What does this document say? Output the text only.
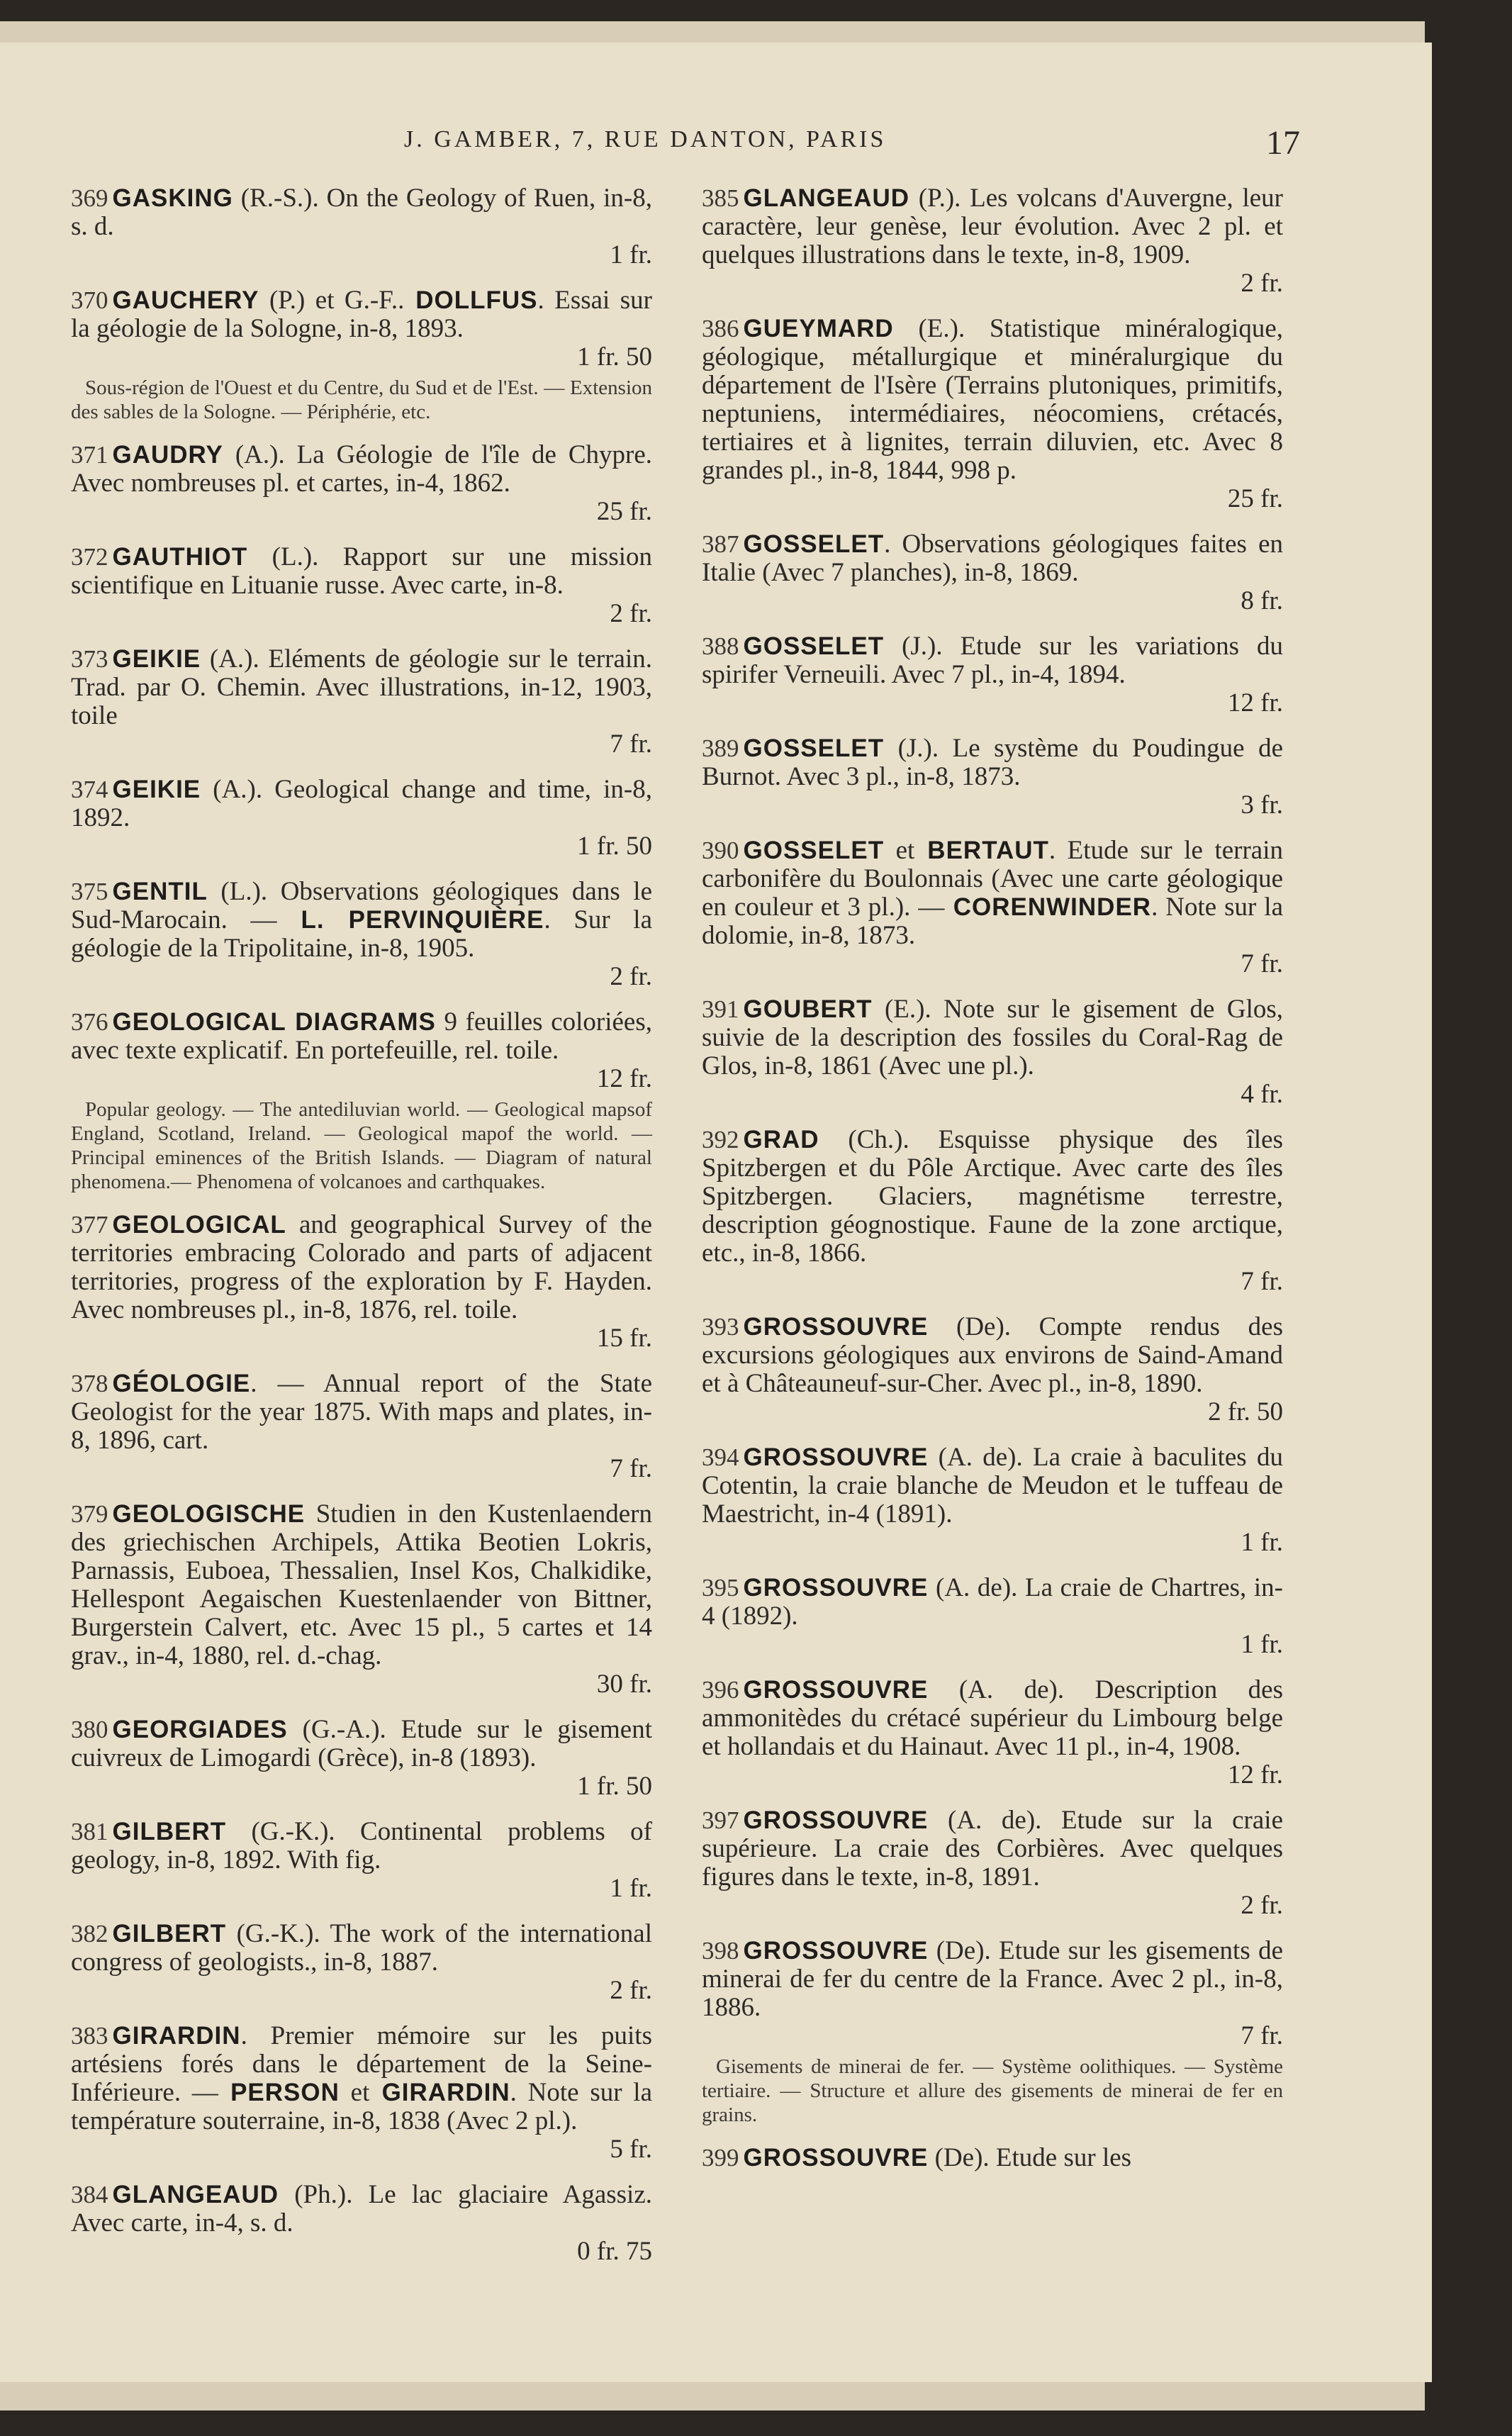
J. GAMBER, 7, RUE DANTON, PARIS	17
369 GASKING (R.-S.). On the Geology of Ruen, in-8, s. d.
1 fr.
370 GAUCHERY (P.) et G.-F.. DOLLFUS. Essai sur la géologie de la Sologne, in-8, 1893.
1 fr. 50
Sous-région de l'Ouest et du Centre, du Sud et de l'Est. — Extension des sables de la Sologne. — Périphérie, etc.
371 GAUDRY (A.). La Géologie de l'île de Chypre. Avec nombreuses pl. et cartes, in-4, 1862.
25 fr.
372 GAUTHIOT (L.). Rapport sur une mission scientifique en Lituanie russe. Avec carte, in-8.
2 fr.
373 GEIKIE (A.). Eléments de géologie sur le terrain. Trad. par O. Chemin. Avec illustrations, in-12, 1903, toile
7 fr.
374 GEIKIE (A.). Geological change and time, in-8, 1892.
1 fr. 50
375 GENTIL (L.). Observations géologiques dans le Sud-Marocain. — L. PERVINQUIÈRE. Sur la géologie de la Tripolitaine, in-8, 1905.
2 fr.
376 GEOLOGICAL DIAGRAMS 9 feuilles coloriées, avec texte explicatif. En portefeuille, rel. toile.
12 fr.
Popular geology. — The antediluvian world. — Geological mapsof England, Scotland, Ireland. — Geological mapof the world. — Principal eminences of the British Islands. — Diagram of natural phenomena.— Phenomena of volcanoes and carthquakes.
377 GEOLOGICAL and geographical Survey of the territories embracing Colorado and parts of adjacent territories, progress of the exploration by F. Hayden. Avec nombreuses pl., in-8, 1876, rel. toile.
15 fr.
378 GÉOLOGIE. — Annual report of the State Geologist for the year 1875. With maps and plates, in-8, 1896, cart.
7 fr.
379 GEOLOGISCHE Studien in den Kustenlaendern des griechischen Archipels, Attika Beotien Lokris, Parnassis, Euboea, Thessalien, Insel Kos, Chalkidike, Hellespont Aegaischen Kuestenlaender von Bittner, Burgerstein Calvert, etc. Avec 15 pl., 5 cartes et 14 grav., in-4, 1880, rel. d.-chag.
30 fr.
380 GEORGIADES (G.-A.). Etude sur le gisement cuivreux de Limogardi (Grèce), in-8 (1893).
1 fr. 50
381 GILBERT (G.-K.). Continental problems of geology, in-8, 1892. With fig.
1 fr.
382 GILBERT (G.-K.). The work of the international congress of geologists., in-8, 1887.
2 fr.
383 GIRARDIN. Premier mémoire sur les puits artésiens forés dans le département de la Seine-Inférieure. — PERSON et GIRARDIN. Note sur la température souterraine, in-8, 1838 (Avec 2 pl.).
5 fr.
384 GLANGEAUD (Ph.). Le lac glaciaire Agassiz. Avec carte, in-4, s. d.
0 fr. 75
385 GLANGEAUD (P.). Les volcans d'Auvergne, leur caractère, leur genèse, leur évolution. Avec 2 pl. et quelques illustrations dans le texte, in-8, 1909.
2 fr.
386 GUEYMARD (E.). Statistique minéralogique, géologique, métallurgique et minéralurgique du département de l'Isère (Terrains plutoniques, primitifs, neptuniens, intermédiaires, néocomiens, crétacés, tertiaires et à lignites, terrain diluvien, etc. Avec 8 grandes pl., in-8, 1844, 998 p.
25 fr.
387 GOSSELET. Observations géologiques faites en Italie (Avec 7 planches), in-8, 1869.
8 fr.
388 GOSSELET (J.). Etude sur les variations du spirifer Verneuili. Avec 7 pl., in-4, 1894.
12 fr.
389 GOSSELET (J.). Le système du Poudingue de Burnot. Avec 3 pl., in-8, 1873.
3 fr.
390 GOSSELET et BERTAUT. Etude sur le terrain carbonifère du Boulonnais (Avec une carte géologique en couleur et 3 pl.). — CORENWINDER. Note sur la dolomie, in-8, 1873.
7 fr.
391 GOUBERT (E.). Note sur le gisement de Glos, suivie de la description des fossiles du Coral-Rag de Glos, in-8, 1861 (Avec une pl.).
4 fr.
392 GRAD (Ch.). Esquisse physique des îles Spitzbergen et du Pôle Arctique. Avec carte des îles Spitzbergen. Glaciers, magnétisme terrestre, description géognostique. Faune de la zone arctique, etc., in-8, 1866.
7 fr.
393 GROSSOUVRE (De). Compte rendus des excursions géologiques aux environs de Saind-Amand et à Châteauneuf-sur-Cher. Avec pl., in-8, 1890.
2 fr. 50
394 GROSSOUVRE (A. de). La craie à baculites du Cotentin, la craie blanche de Meudon et le tuffeau de Maestricht, in-4 (1891).
1 fr.
395 GROSSOUVRE (A. de). La craie de Chartres, in-4 (1892).
1 fr.
396 GROSSOUVRE (A. de). Description des ammonitèdes du crétacé supérieur du Limbourg belge et hollandais et du Hainaut. Avec 11 pl., in-4, 1908.
12 fr.
397 GROSSOUVRE (A. de). Etude sur la craie supérieure. La craie des Corbières. Avec quelques figures dans le texte, in-8, 1891.
2 fr.
398 GROSSOUVRE (De). Etude sur les gisements de minerai de fer du centre de la France. Avec 2 pl., in-8, 1886.
7 fr.
Gisements de minerai de fer. — Système oolithiques. — Système tertiaire. — Structure et allure des gisements de minerai de fer en grains.
399 GROSSOUVRE (De). Etude sur les
